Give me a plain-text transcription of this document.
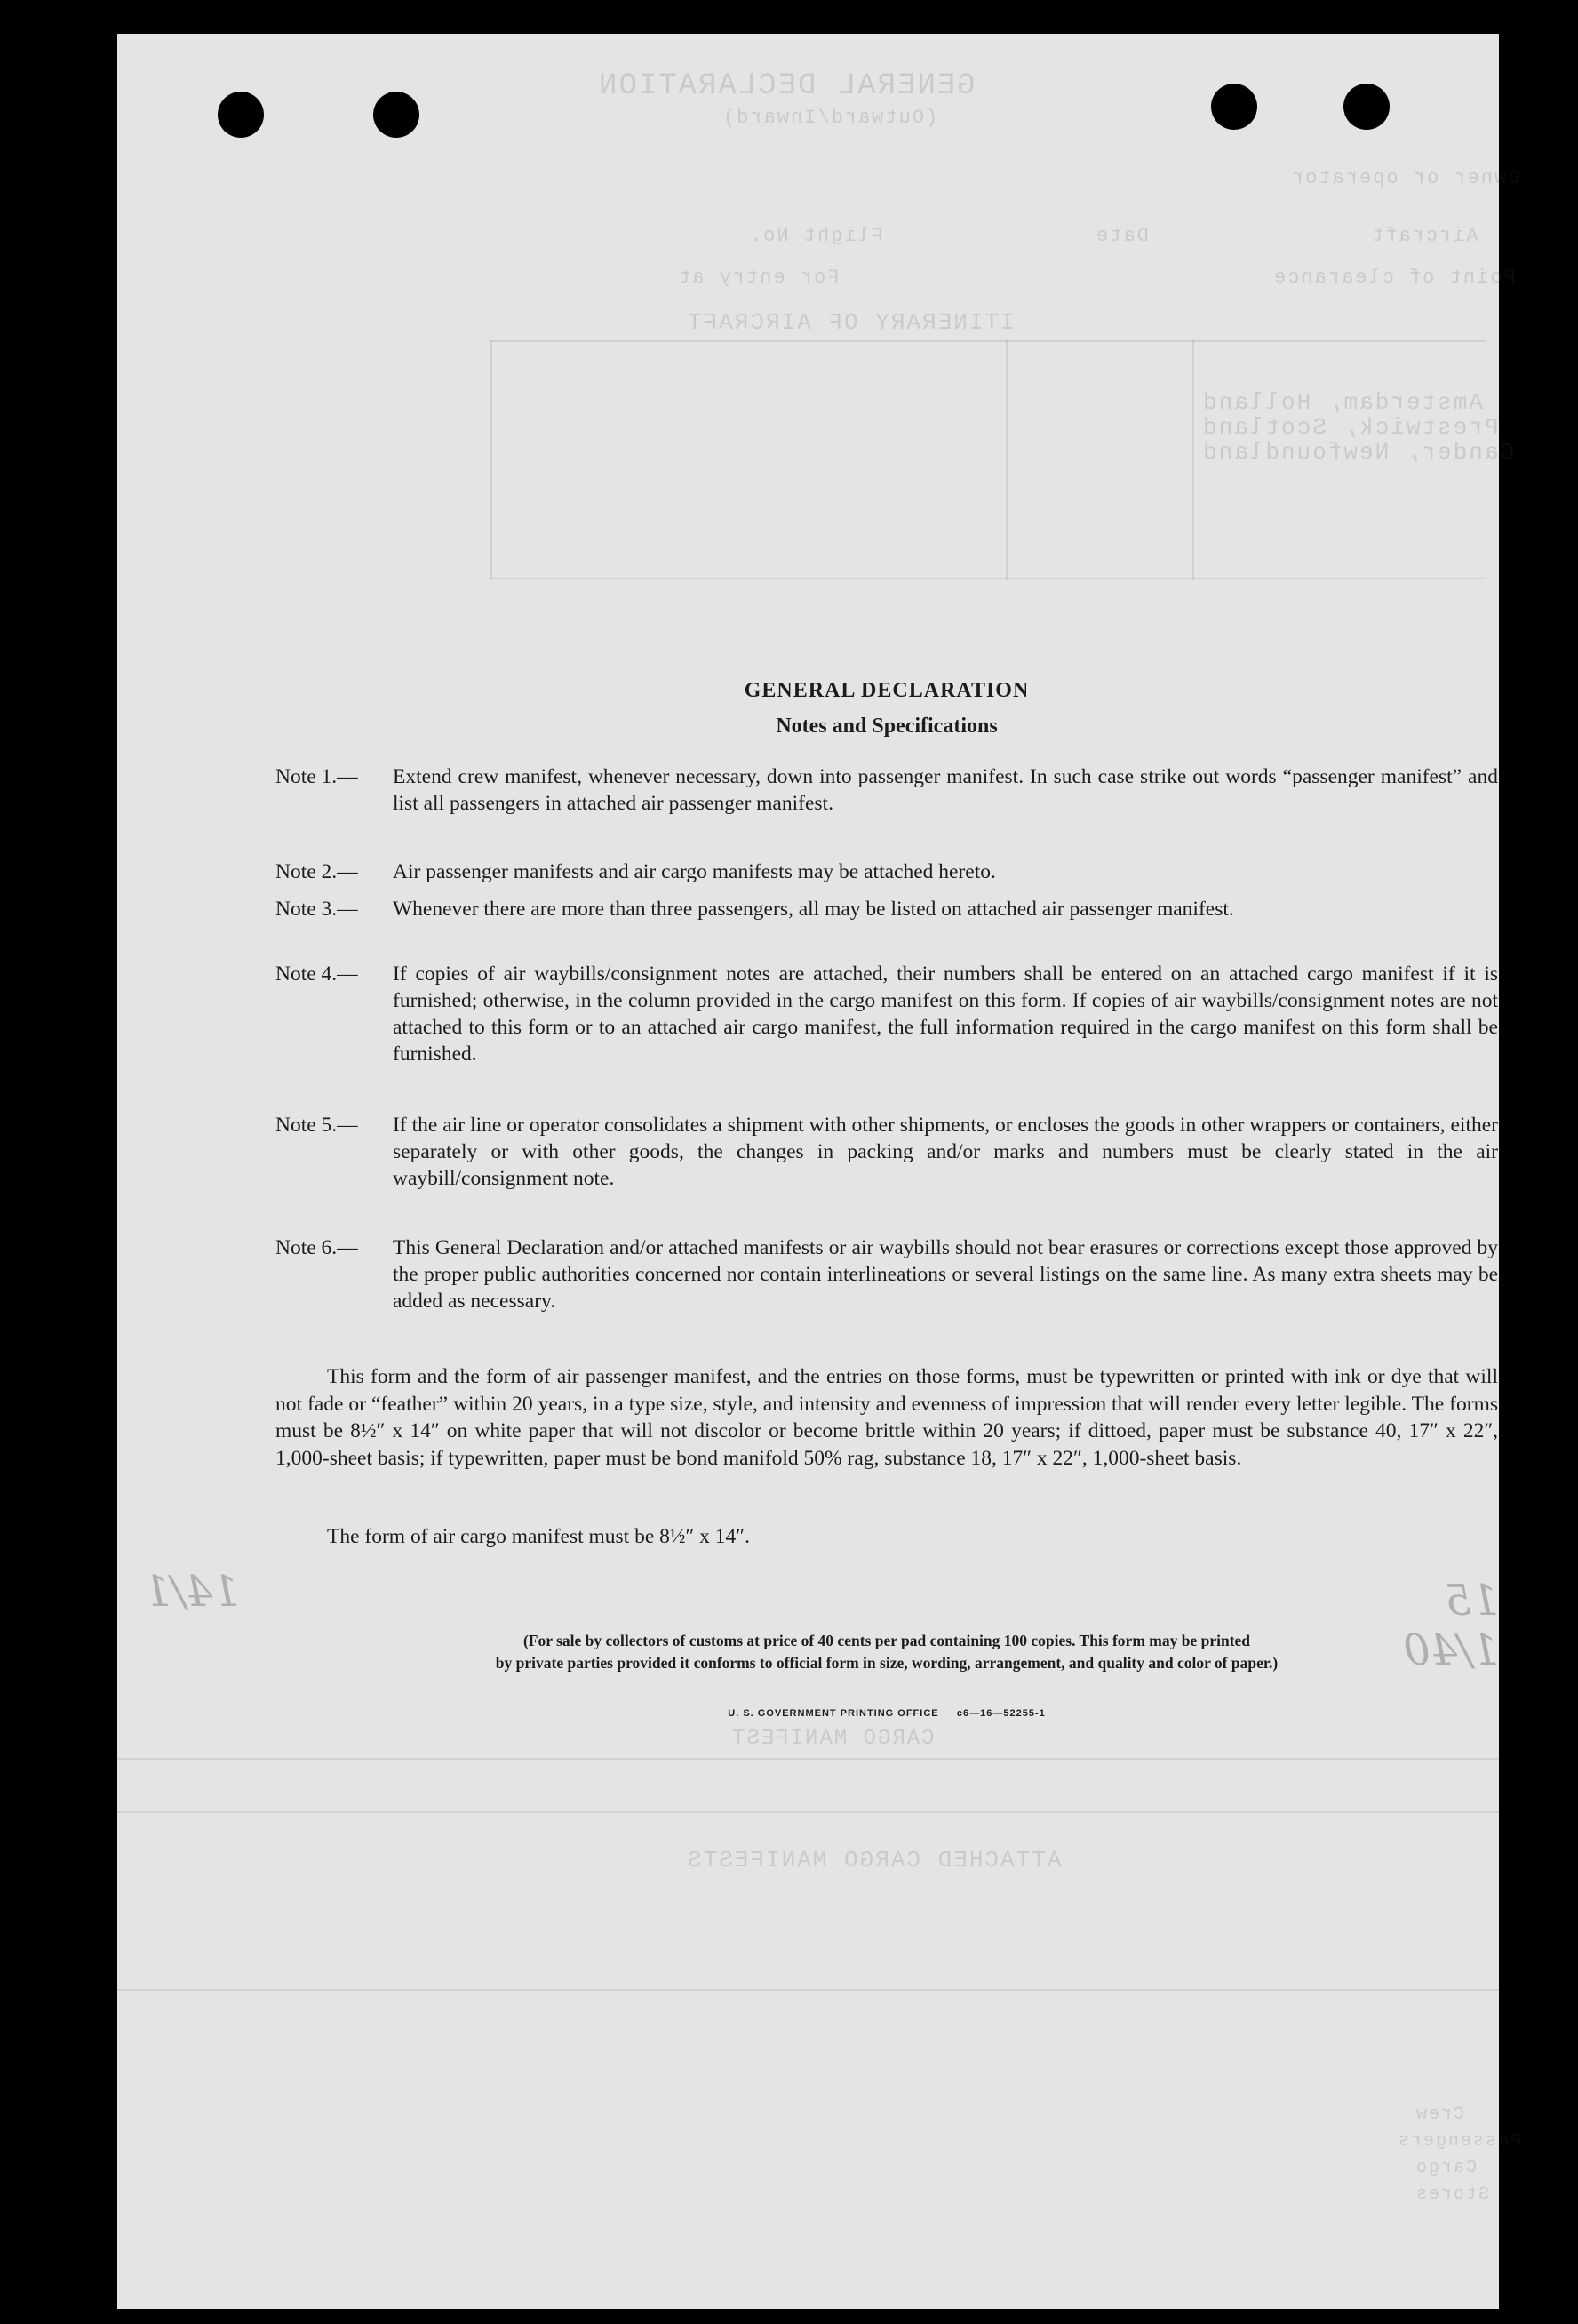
GENERAL DECLARATION
(Outward/Inward)
Owner or operator
Aircraft
Flight No.	Date
Point of clearance
For entry at
ITINERARY OF AIRCRAFT
Amsterdam, Holland
Prestwick, Scotland
Gander, Newfoundland
CARGO MANIFEST
ATTACHED CARGO MANIFESTS
Crew
Passengers
Cargo
Stores
14/1	15 1/40
GENERAL DECLARATION
Notes and Specifications
Note 1.— Extend crew manifest, whenever necessary, down into passenger manifest. In such case strike out words “passenger manifest” and list all passengers in attached air passenger manifest.
Note 2.— Air passenger manifests and air cargo manifests may be attached hereto.
Note 3.— Whenever there are more than three passengers, all may be listed on attached air passenger manifest.
Note 4.— If copies of air waybills/consignment notes are attached, their numbers shall be entered on an attached cargo manifest if it is furnished; otherwise, in the column provided in the cargo manifest on this form. If copies of air waybills/consignment notes are not attached to this form or to an attached air cargo manifest, the full information required in the cargo manifest on this form shall be furnished.
Note 5.— If the air line or operator consolidates a shipment with other shipments, or encloses the goods in other wrappers or containers, either separately or with other goods, the changes in packing and/or marks and numbers must be clearly stated in the air waybill/consignment note.
Note 6.— This General Declaration and/or attached manifests or air waybills should not bear erasures or corrections except those approved by the proper public authorities concerned nor contain interlineations or several listings on the same line. As many extra sheets may be added as necessary.
This form and the form of air passenger manifest, and the entries on those forms, must be typewritten or printed with ink or dye that will not fade or “feather” within 20 years, in a type size, style, and intensity and evenness of impression that will render every letter legible. The forms must be 8½″ x 14″ on white paper that will not discolor or become brittle within 20 years; if dittoed, paper must be substance 40, 17″ x 22″, 1,000-sheet basis; if typewritten, paper must be bond manifold 50% rag, substance 18, 17″ x 22″, 1,000-sheet basis.
The form of air cargo manifest must be 8½″ x 14″.
(For sale by collectors of customs at price of 40 cents per pad containing 100 copies. This form may be printed
by private parties provided it conforms to official form in size, wording, arrangement, and quality and color of paper.)
U. S. GOVERNMENT PRINTING OFFICE     c6—16—52255-1
